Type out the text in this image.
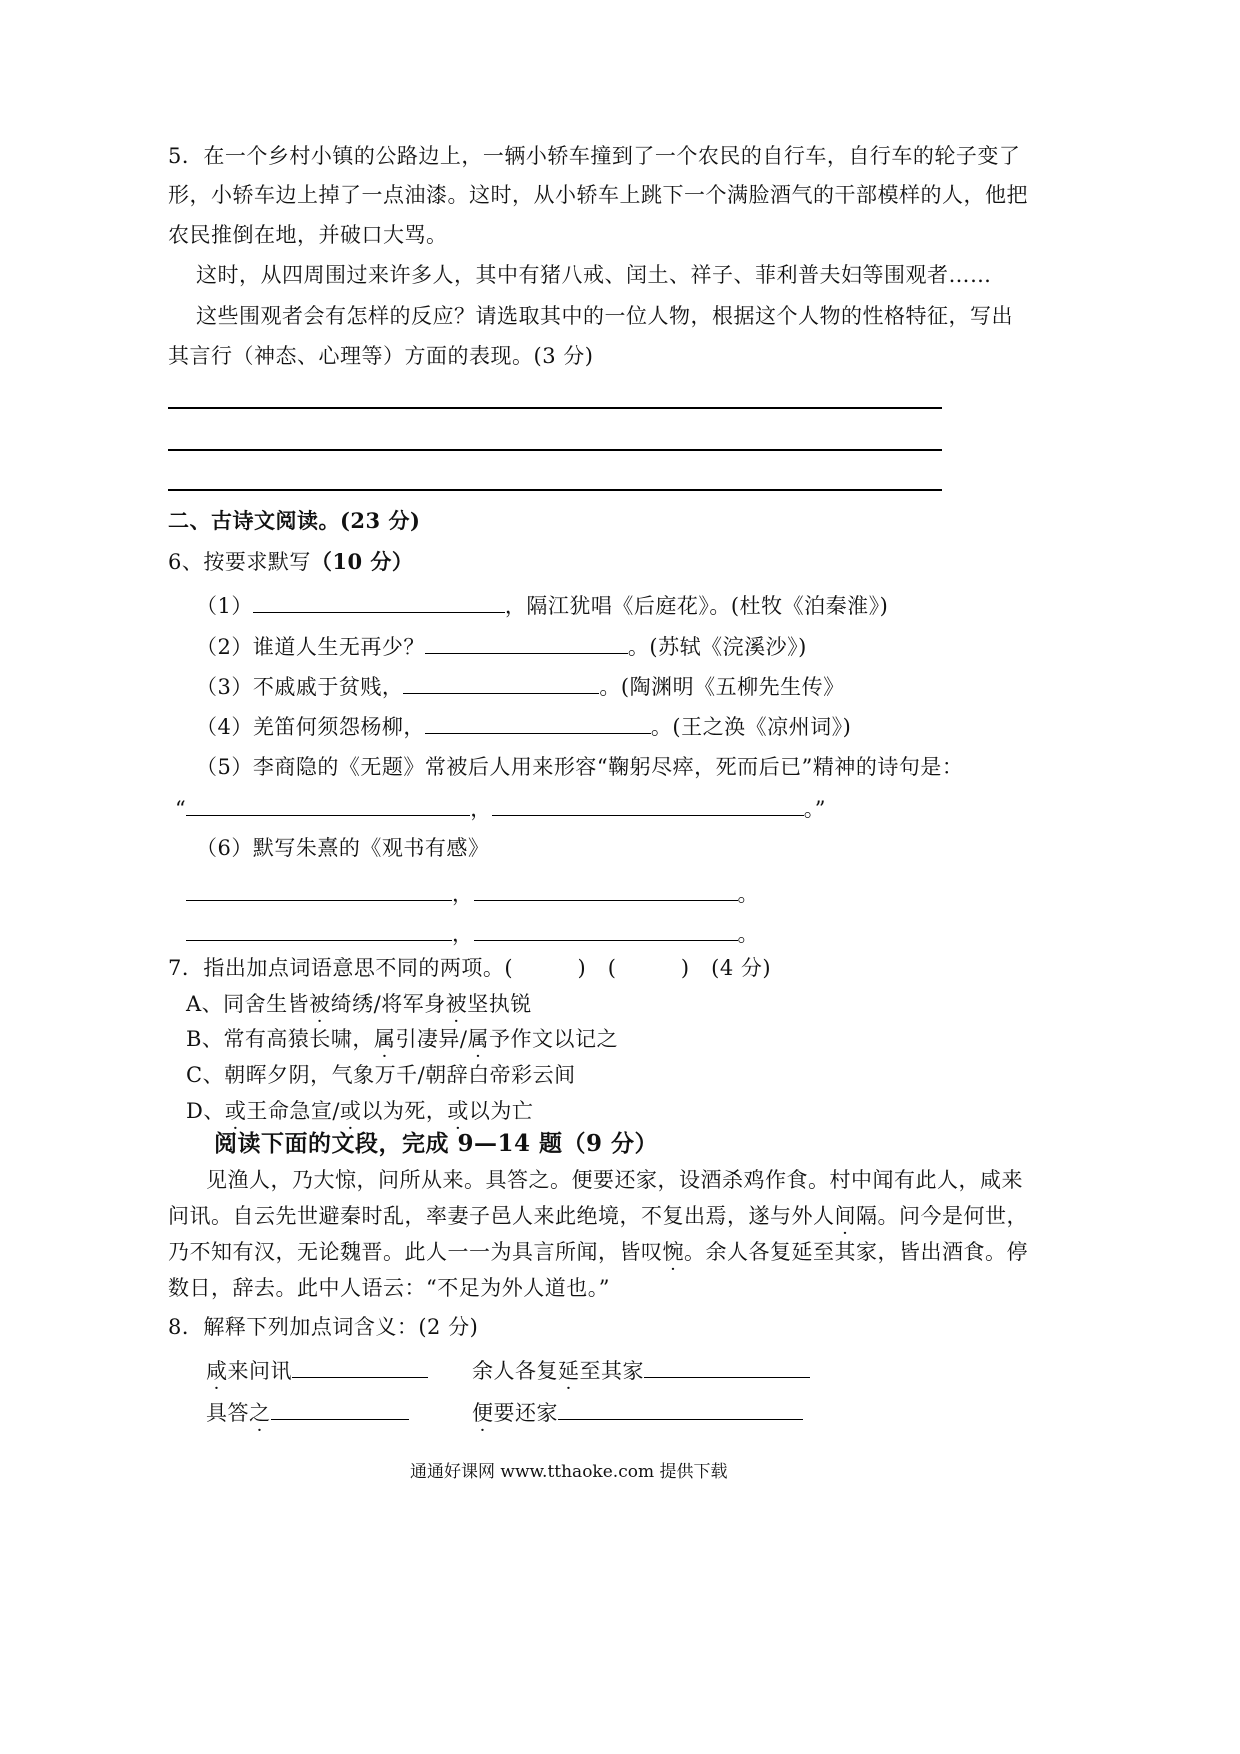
5．在一个乡村小镇的公路边上，一辆小轿车撞到了一个农民的自行车，自行车的轮子变了
形，小轿车边上掉了一点油漆。这时，从小轿车上跳下一个满脸酒气的干部模样的人，他把
农民推倒在地，并破口大骂。
这时，从四周围过来许多人，其中有猪八戒、闰土、祥子、菲利普夫妇等围观者……
这些围观者会有怎样的反应？请选取其中的一位人物，根据这个人物的性格特征，写出
其言行（神态、心理等）方面的表现。(3 分)
二、古诗文阅读。(23 分)
6、按要求默写（10 分）
（1）	，隔江犹唱《后庭花》。(杜牧《泊秦淮》)
（2）谁道人生无再少？	。(苏轼《浣溪沙》)
（3）不戚戚于贫贱，	。(陶渊明《五柳先生传》
（4）羌笛何须怨杨柳，	。(王之涣《凉州词》)
（5）李商隐的《无题》常被后人用来形容“鞠躬尽瘁，死而后已”精神的诗句是：
“	，	。”
（6）默写朱熹的《观书有感》
，	。
，	。
7．指出加点词语意思不同的两项。(　　　)　(　　　)　(4 分)
A、同舍生皆被绮绣/将军身被坚执锐
B、常有高猿长啸，属引凄异/属予作文以记之
C、朝晖夕阴，气象万千/朝辞白帝彩云间
D、或王命急宣/或以为死，或以为亡
阅读下面的文段，完成 9—14 题（9 分）
见渔人，乃大惊，问所从来。具答之。便要还家，设酒杀鸡作食。村中闻有此人，咸来
问讯。自云先世避秦时乱，率妻子邑人来此绝境，不复出焉，遂与外人间隔。问今是何世，
乃不知有汉，无论魏晋。此人一一为具言所闻，皆叹惋。余人各复延至其家，皆出酒食。停
数日，辞去。此中人语云：“不足为外人道也。”
8．解释下列加点词含义：(2 分)
咸来问讯	余人各复延至其家
具答之	便要还家
通通好课网 www.tthaoke.com 提供下载
